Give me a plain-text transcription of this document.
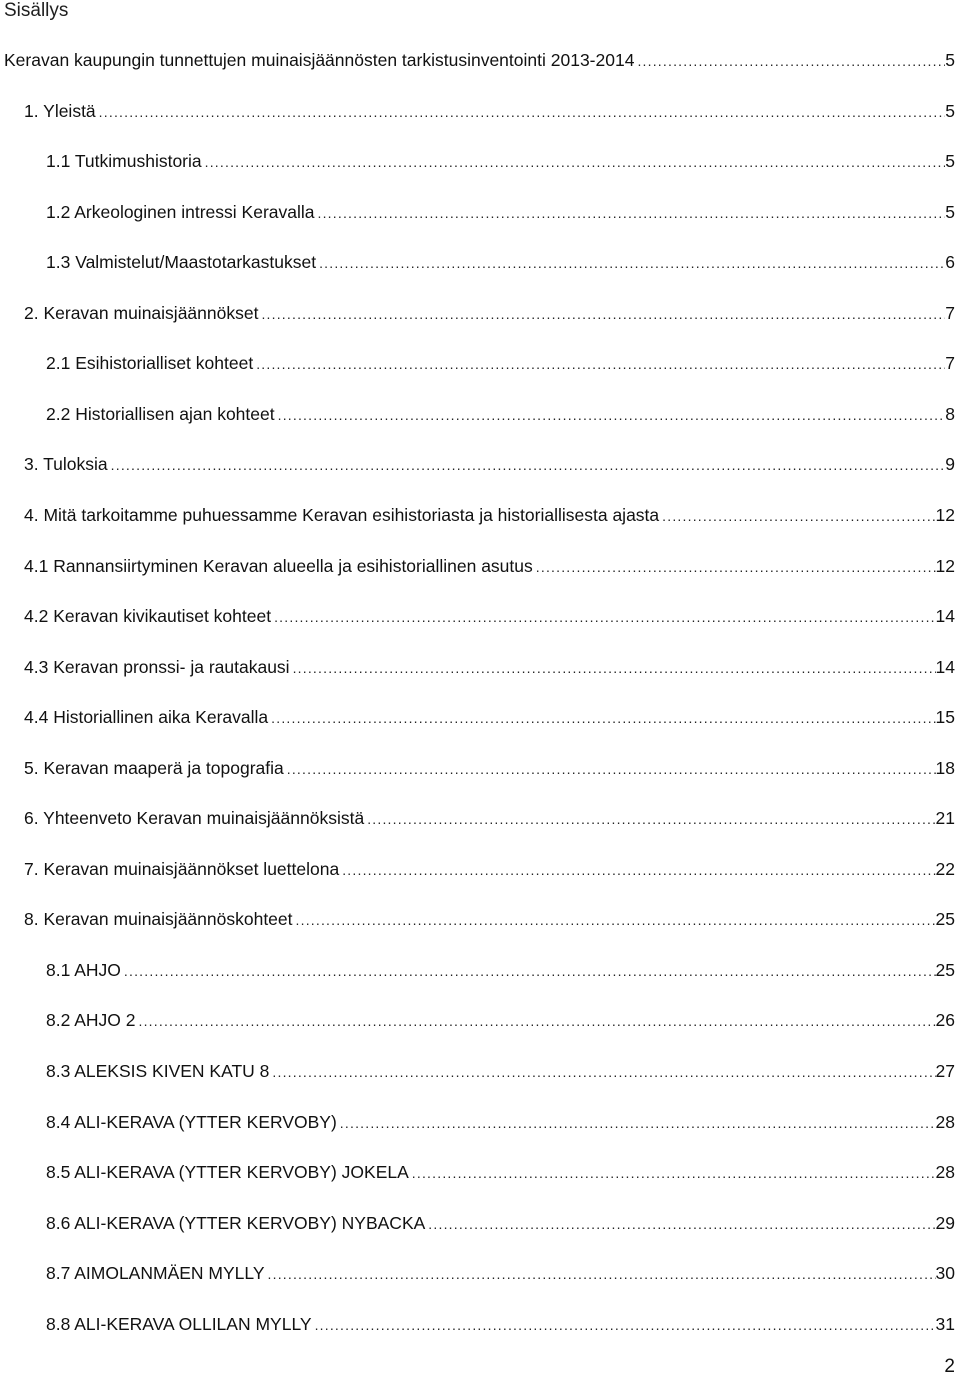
Sisällys
Keravan kaupungin tunnettujen muinaisjäännösten tarkistusinventointi 2013-2014 .....	5
1. Yleistä .....	5
1.1 Tutkimushistoria .....	5
1.2 Arkeologinen intressi Keravalla .....	5
1.3 Valmistelut/Maastotarkastukset .....	6
2. Keravan muinaisjäännökset .....	7
2.1 Esihistorialliset kohteet .....	7
2.2 Historiallisen ajan kohteet .....	8
3. Tuloksia .....	9
4. Mitä tarkoitamme puhuessamme Keravan esihistoriasta ja historiallisesta ajasta .....	12
4.1 Rannansiirtyminen Keravan alueella ja esihistoriallinen asutus .....	12
4.2 Keravan kivikautiset kohteet .....	14
4.3 Keravan pronssi- ja rautakausi .....	14
4.4 Historiallinen aika Keravalla .....	15
5. Keravan maaperä ja topografia .....	18
6. Yhteenveto Keravan muinaisjäännöksistä .....	21
7. Keravan muinaisjäännökset luettelona .....	22
8. Keravan muinaisjäännöskohteet .....	25
8.1 AHJO .....	25
8.2 AHJO 2 .....	26
8.3 ALEKSIS KIVEN KATU 8 .....	27
8.4 ALI-KERAVA (YTTER KERVOBY) .....	28
8.5 ALI-KERAVA (YTTER KERVOBY) JOKELA .....	28
8.6 ALI-KERAVA (YTTER KERVOBY) NYBACKA .....	29
8.7 AIMOLANMÄEN MYLLY .....	30
8.8 ALI-KERAVA OLLILAN MYLLY .....	31
2
